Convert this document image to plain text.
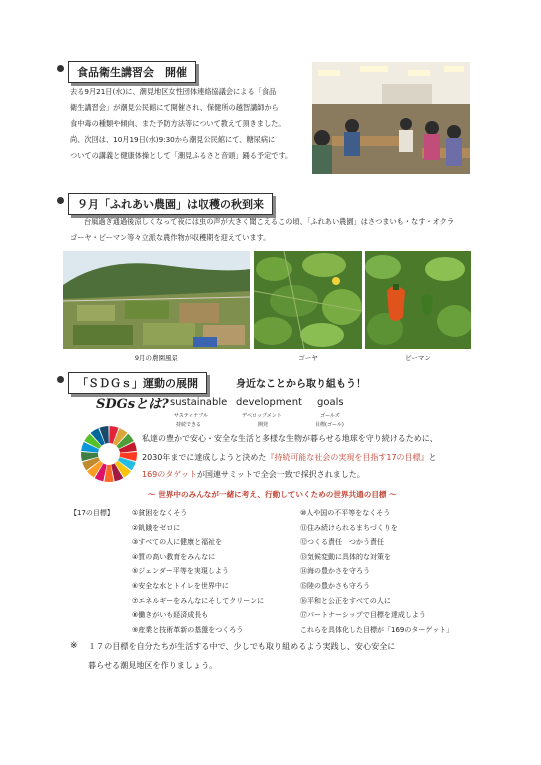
食品衛生講習会　開催
去る9月21日(水)に、潮見地区女性団体連絡協議会による「食品
衛生講習会」が潮見公民館にて開催され、保健所の越智講師から
食中毒の種類や傾向、また予防方法等について教えて頂きました。
尚、次回は、10月19日(水)9:30から潮見公民館にて、糖尿病に
ついての講義と健康体操として「潮見ふるさと音頭」踊る予定です。
９月「ふれあい農園」は収穫の秋到来
台風過ぎ通過後涼しくなって夜には虫の声が大きく聞こえるこの頃、「ふれあい農園」はさつまいも・なす・オクラ
ゴーヤ・ピーマン等々立派な農作物が収穫期を迎えています。
9月の農園風景	ゴーヤ	ピーマン
「ＳＤＧｓ」運動の展開	身近なことから取り組もう！
SDGsとは? sustainable development goals
サスティナブル	デベロップメント	ゴールズ
持続できる	開発	目標(ゴール)
私達の豊かで安心・安全な生活と多様な生物が暮らせる地球を守り続けるために、
2030年までに達成しようと決めた『持続可能な社会の実現を目指す17の目標』と
169のタゲットが国連サミットで全会一致で採択されました。
～ 世界中のみんなが一緒に考え、行動していくための世界共通の目標 ～
【17の目標】	①貧困をなくそう
②飢餓をゼロに
③すべての人に健康と福祉を
④質の高い教育をみんなに
⑤ジェンダー平等を実現しよう
⑥安全な水とトイレを世界中に
⑦エネルギーをみんなにそしてクリーンに
⑧働きがいも経済成長も
⑨産業と技術革新の基盤をつくろう
⑩人や国の不平等をなくそう
⑪住み続けられるまちづくりを
⑫つくる責任　つかう責任
⑬気候変動に具体的な対策を
⑭海の豊かさを守ろう
⑮陸の豊かさも守ろう
⑯平和と公正をすべての人に
⑰パートナーシップで目標を達成しよう
これらを具体化した目標が「169のターゲット」
※ １７の目標を自分たちが生活する中で、少しでも取り組めるよう実践し、安心安全に
暮らせる潮見地区を作りましょう。
